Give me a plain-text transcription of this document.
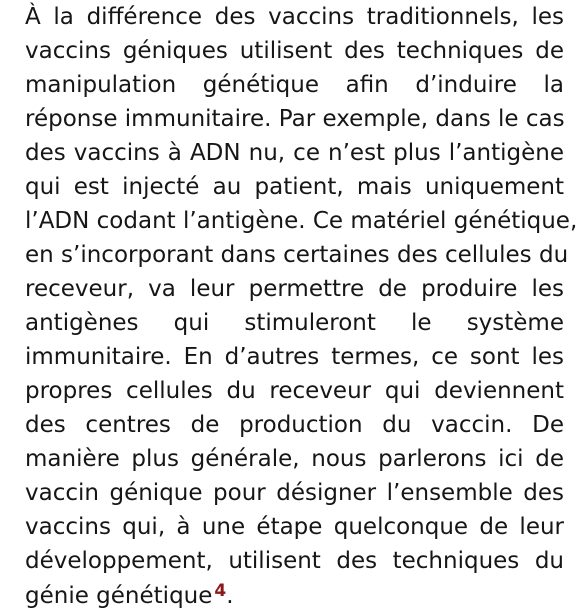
À la différence des vaccins traditionnels, les
vaccins géniques utilisent des techniques de
manipulation génétique afin d’induire la
réponse immunitaire. Par exemple, dans le cas
des vaccins à ADN nu, ce n’est plus l’antigène
qui est injecté au patient, mais uniquement
l’ADN codant l’antigène. Ce matériel génétique,
en s’incorporant dans certaines des cellules du
receveur, va leur permettre de produire les
antigènes qui stimuleront le système
immunitaire. En d’autres termes, ce sont les
propres cellules du receveur qui deviennent
des centres de production du vaccin. De
manière plus générale, nous parlerons ici de
vaccin génique pour désigner l’ensemble des
vaccins qui, à une étape quelconque de leur
développement, utilisent des techniques du
génie génétique $^4$.
